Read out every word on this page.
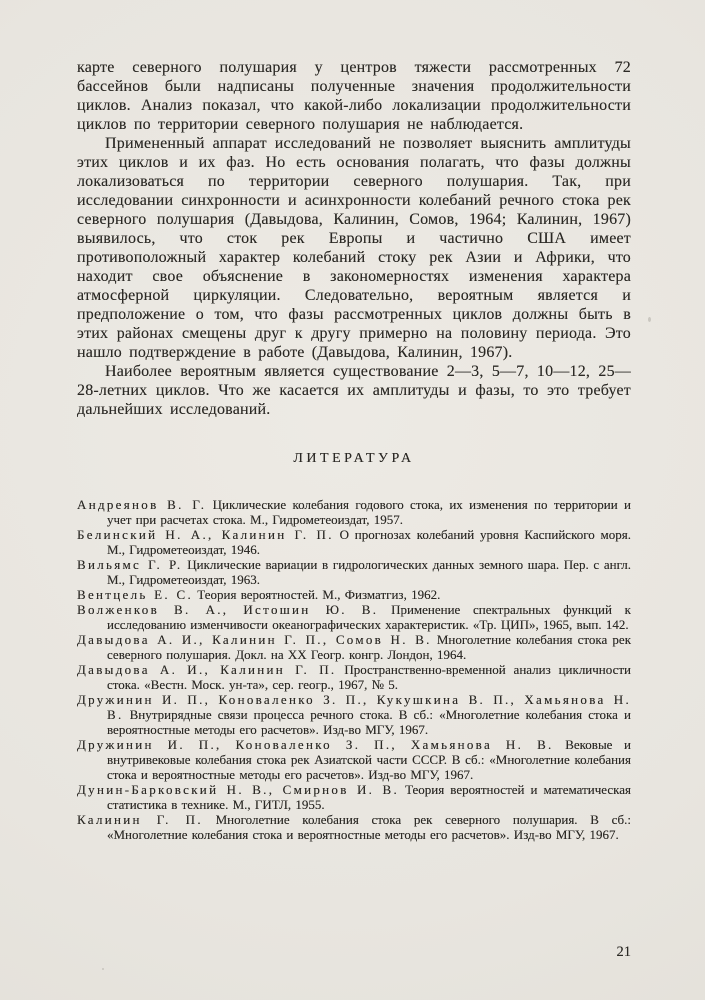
карте северного полушария у центров тяжести рассмотренных 72 бассейнов были надписаны полученные значения продолжительности циклов. Анализ показал, что какой-либо локализации продолжительности циклов по территории северного полушария не наблюдается.

Примененный аппарат исследований не позволяет выяснить амплитуды этих циклов и их фаз. Но есть основания полагать, что фазы должны локализоваться по территории северного полушария. Так, при исследовании синхронности и асинхронности колебаний речного стока рек северного полушария (Давыдова, Калинин, Сомов, 1964; Калинин, 1967) выявилось, что сток рек Европы и частично США имеет противоположный характер колебаний стоку рек Азии и Африки, что находит свое объяснение в закономерностях изменения характера атмосферной циркуляции. Следовательно, вероятным является и предположение о том, что фазы рассмотренных циклов должны быть в этих районах смещены друг к другу примерно на половину периода. Это нашло подтверждение в работе (Давыдова, Калинин, 1967).

Наиболее вероятным является существование 2—3, 5—7, 10—12, 25—28-летних циклов. Что же касается их амплитуды и фазы, то это требует дальнейших исследований.

ЛИТЕРАТУРА

Андреянов В. Г. Циклические колебания годового стока, их изменения по территории и учет при расчетах стока. М., Гидрометеоиздат, 1957.

Белинский Н. А., Калинин Г. П. О прогнозах колебаний уровня Каспийского моря. М., Гидрометеоиздат, 1946.

Вильямс Г. Р. Циклические вариации в гидрологических данных земного шара. Пер. с англ. М., Гидрометеоиздат, 1963.

Вентцель Е. С. Теория вероятностей. М., Физматгиз, 1962.

Волженков В. А., Истошин Ю. В. Применение спектральных функций к исследованию изменчивости океанографических характеристик. «Тр. ЦИП», 1965, вып. 142.

Давыдова А. И., Калинин Г. П., Сомов Н. В. Многолетние колебания стока рек северного полушария. Докл. на XX Геогр. конгр. Лондон, 1964.

Давыдова А. И., Калинин Г. П. Пространственно-временной анализ цикличности стока. «Вестн. Моск. ун-та», сер. геогр., 1967, № 5.

Дружинин И. П., Коноваленко З. П., Кукушкина В. П., Хамьянова Н. В. Внутрирядные связи процесса речного стока. В сб.: «Многолетние колебания стока и вероятностные методы его расчетов». Изд-во МГУ, 1967.

Дружинин И. П., Коноваленко З. П., Хамьянова Н. В. Вековые и внутривековые колебания стока рек Азиатской части СССР. В сб.: «Многолетние колебания стока и вероятностные методы его расчетов». Изд-во МГУ, 1967.

Дунин-Барковский Н. В., Смирнов И. В. Теория вероятностей и математическая статистика в технике. М., ГИТЛ, 1955.

Калинин Г. П. Многолетние колебания стока рек северного полушария. В сб.: «Многолетние колебания стока и вероятностные методы его расчетов». Изд-во МГУ, 1967.

21
